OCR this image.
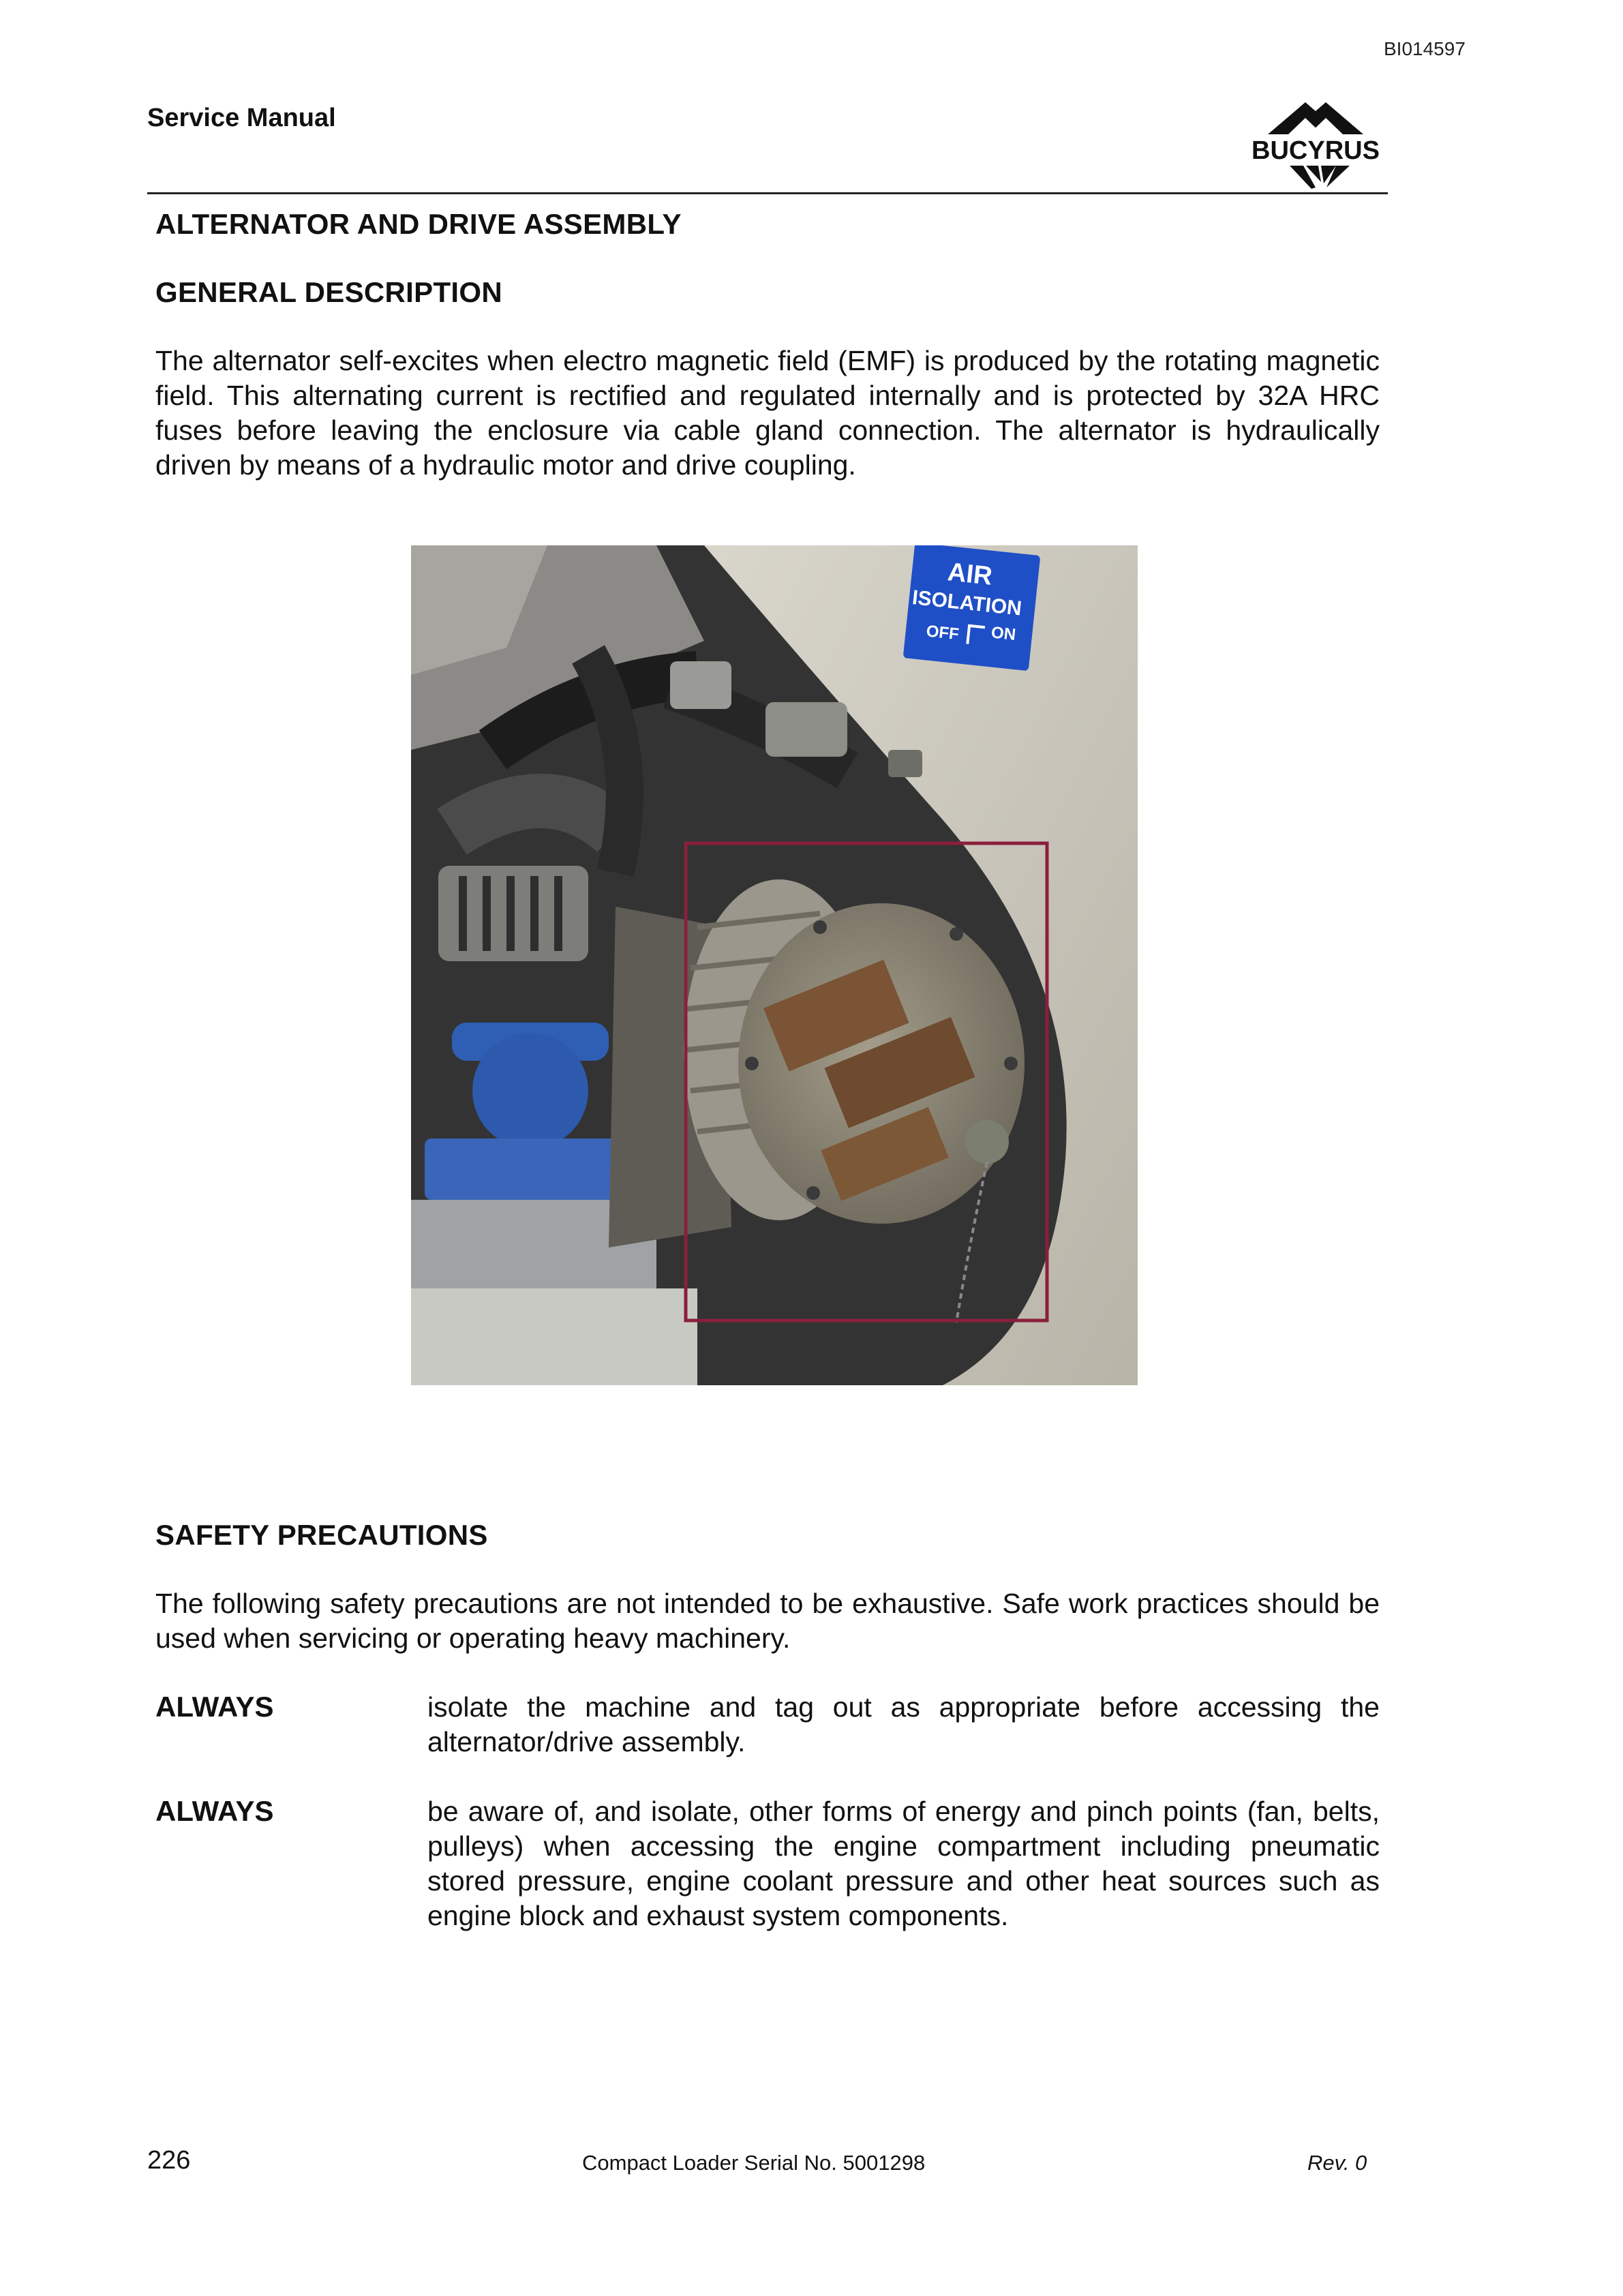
BI014597
Service Manual
BUCYRUS
ALTERNATOR AND DRIVE ASSEMBLY
GENERAL DESCRIPTION
The alternator self-excites when electro magnetic field (EMF) is produced by the rotating magnetic field. This alternating current is rectified and regulated internally and is protected by 32A HRC fuses before leaving the enclosure via cable gland connection. The alternator is hydraulically driven by means of a hydraulic motor and drive coupling.
AIR
ISOLATION
OFF ON
SAFETY PRECAUTIONS
The following safety precautions are not intended to be exhaustive. Safe work practices should be used when servicing or operating heavy machinery.
ALWAYS	isolate the machine and tag out as appropriate before accessing the alternator/drive assembly.
ALWAYS	be aware of, and isolate, other forms of energy and pinch points (fan, belts, pulleys) when accessing the engine compartment including pneumatic stored pressure, engine coolant pressure and other heat sources such as engine block and exhaust system components.
226	Compact Loader Serial No. 5001298	Rev. 0
